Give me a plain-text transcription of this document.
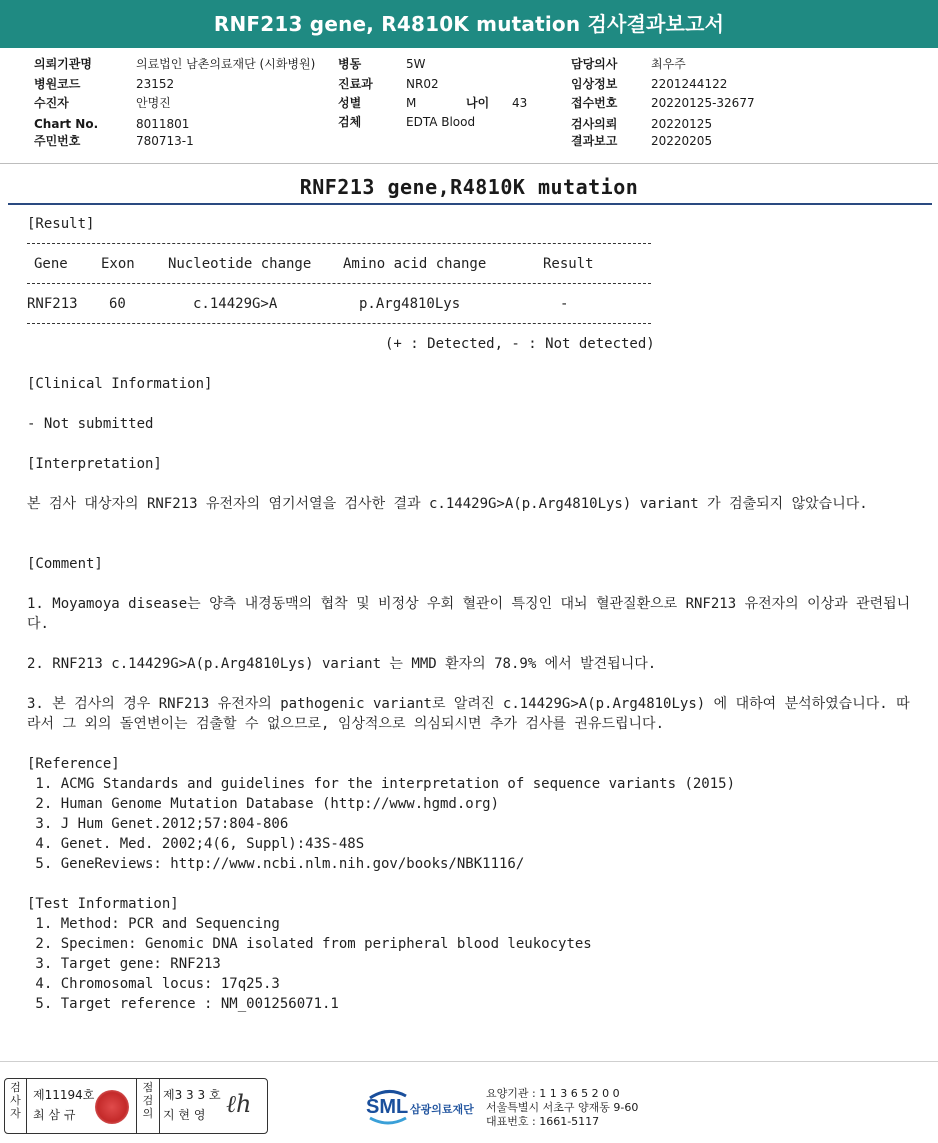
RNF213 gene, R4810K mutation 검사결과보고서
의뢰기관명	의료법인 남촌의료재단 (시화병원)
병원코드	23152
수진자	안명진
Chart No.	8011801
주민번호	780713-1
병동	5W
진료과	NR02
성별	M	나이 43
검체	EDTA Blood
담당의사	최우주
임상정보	2201244122
접수번호	20220125-32677
검사의뢰	20220125
결과보고	20220205
RNF213 gene,R4810K mutation
[Result]
Gene Exon Nucleotide change Amino acid change	Result
RNF213 60	c.14429G>A	p.Arg4810Lys	-
(+ : Detected, - : Not detected)
[Clinical Information]
- Not submitted
[Interpretation]
본 검사 대상자의 RNF213 유전자의 염기서열을 검사한 결과 c.14429G>A(p.Arg4810Lys) variant 가 검출되지 않았습니다.
[Comment]
1. Moyamoya disease는 양측 내경동맥의 협착 및 비정상 우회 혈관이 특징인 대뇌 혈관질환으로 RNF213 유전자의 이상과 관련됩니다.
2. RNF213 c.14429G>A(p.Arg4810Lys) variant 는 MMD 환자의 78.9% 에서 발견됩니다.
3. 본 검사의 경우 RNF213 유전자의 pathogenic variant로 알려진 c.14429G>A(p.Arg4810Lys) 에 대하여 분석하였습니다. 따라서 그 외의 돌연변이는 검출할 수 없으므로, 임상적으로 의심되시면 추가 검사를 권유드립니다.
[Reference]
1. ACMG Standards and guidelines for the interpretation of sequence variants (2015)
2. Human Genome Mutation Database (http://www.hgmd.org)
3. J Hum Genet.2012;57:804-806
4. Genet. Med. 2002;4(6, Suppl):43S-48S
5. GeneReviews: http://www.ncbi.nlm.nih.gov/books/NBK1116/
[Test Information]
1. Method: PCR and Sequencing
2. Specimen: Genomic DNA isolated from peripheral blood leukocytes
3. Target gene: RNF213
4. Chromosomal locus: 17q25.3
5. Target reference : NM_001256071.1
검사자
점검의
제11194호
최 삼 규
제3 3 3 호
지 현 영 ℓh	SML 삼광의료재단
요양기관 : 1 1 3 6 5 2 0 0
서울특별시 서초구 양재동 9-60
대표번호 : 1661-5117
